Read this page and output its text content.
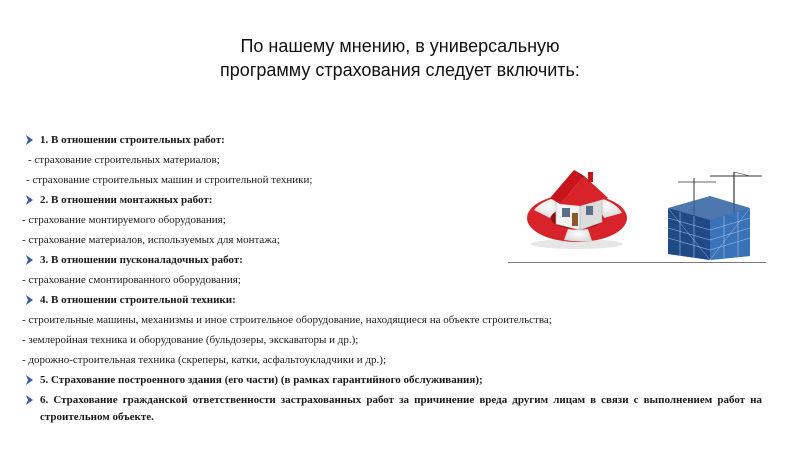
По нашему мнению, в универсальную
программу страхования следует включить:
1. В отношении строительных работ:
- страхование строительных материалов;
- страхование строительных машин и строительной техники;
2. В отношении монтажных работ:
- страхование монтируемого оборудования;
- страхование материалов, используемых для монтажа;
3. В отношении пусконаладочных работ:
- страхование смонтированного оборудования;
4. В отношении строительной техники:
- строительные машины, механизмы и иное строительное оборудование, находящиеся на объекте строительства;
- землеройная техника и оборудование (бульдозеры, экскаваторы и др.);
- дорожно-строительная техника (скреперы, катки, асфальтоукладчики и др.);
5. Страхование построенного здания (его части) (в рамках гарантийного обслуживания);
6. Страхование гражданской ответственности застрахованных работ за причинение вреда другим лицам в связи с выполнением работ на строительном объекте.
